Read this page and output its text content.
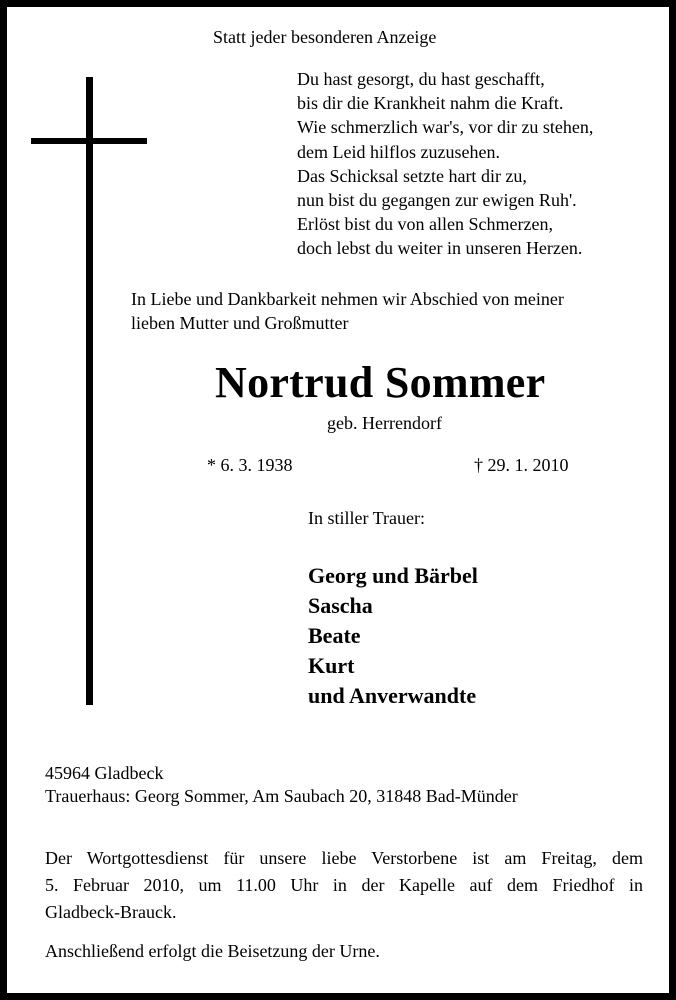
Statt jeder besonderen Anzeige
Du hast gesorgt, du hast geschafft,
bis dir die Krankheit nahm die Kraft.
Wie schmerzlich war's, vor dir zu stehen,
dem Leid hilflos zuzusehen.
Das Schicksal setzte hart dir zu,
nun bist du gegangen zur ewigen Ruh'.
Erlöst bist du von allen Schmerzen,
doch lebst du weiter in unseren Herzen.
In Liebe und Dankbarkeit nehmen wir Abschied von meiner
lieben Mutter und Großmutter
Nortrud Sommer
geb. Herrendorf
* 6. 3. 1938	† 29. 1. 2010
In stiller Trauer:
Georg und Bärbel
Sascha
Beate
Kurt
und Anverwandte
45964 Gladbeck
Trauerhaus: Georg Sommer, Am Saubach 20, 31848 Bad-Münder
Der Wortgottesdienst für unsere liebe Verstorbene ist am Freitag, dem
5. Februar 2010, um 11.00 Uhr in der Kapelle auf dem Friedhof in
Gladbeck-Brauck.
Anschließend erfolgt die Beisetzung der Urne.
